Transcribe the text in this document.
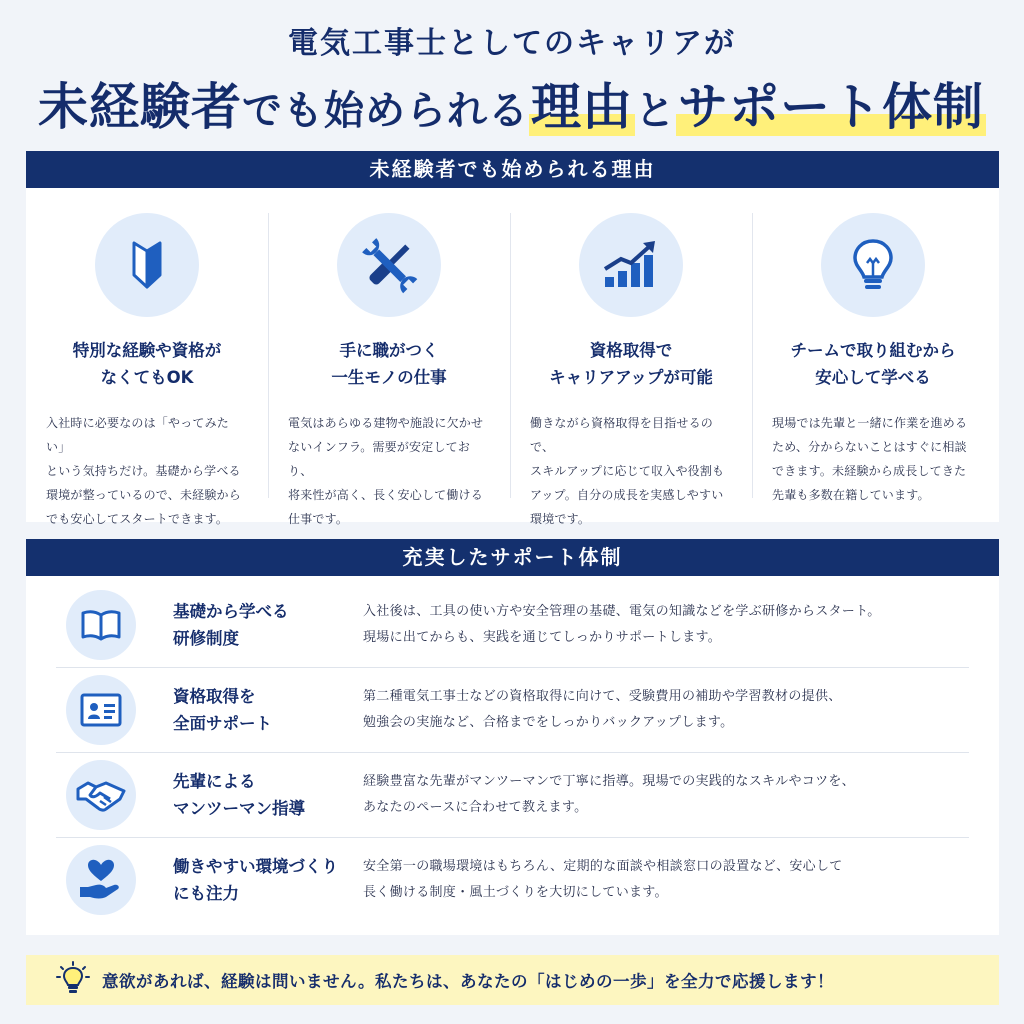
電気工事士としてのキャリアが
未経験者でも始められる理由とサポート体制
未経験者でも始められる理由
特別な経験や資格が
なくてもOK
入社時に必要なのは「やってみたい」
という気持ちだけ。基礎から学べる
環境が整っているので、未経験から
でも安心してスタートできます。
手に職がつく
一生モノの仕事
電気はあらゆる建物や施設に欠かせ
ないインフラ。需要が安定しており、
将来性が高く、長く安心して働ける
仕事です。
資格取得で
キャリアアップが可能
働きながら資格取得を目指せるので、
スキルアップに応じて収入や役割も
アップ。自分の成長を実感しやすい
環境です。
チームで取り組むから
安心して学べる
現場では先輩と一緒に作業を進める
ため、分からないことはすぐに相談
できます。未経験から成長してきた
先輩も多数在籍しています。
充実したサポート体制
基礎から学べる
研修制度
入社後は、工具の使い方や安全管理の基礎、電気の知識などを学ぶ研修からスタート。
現場に出てからも、実践を通じてしっかりサポートします。
資格取得を
全面サポート
第二種電気工事士などの資格取得に向けて、受験費用の補助や学習教材の提供、
勉強会の実施など、合格までをしっかりバックアップします。
先輩による
マンツーマン指導
経験豊富な先輩がマンツーマンで丁寧に指導。現場での実践的なスキルやコツを、
あなたのペースに合わせて教えます。
働きやすい環境づくり
にも注力
安全第一の職場環境はもちろん、定期的な面談や相談窓口の設置など、安心して
長く働ける制度・風土づくりを大切にしています。
意欲があれば、経験は問いません。私たちは、あなたの「はじめの一歩」を全力で応援します！
